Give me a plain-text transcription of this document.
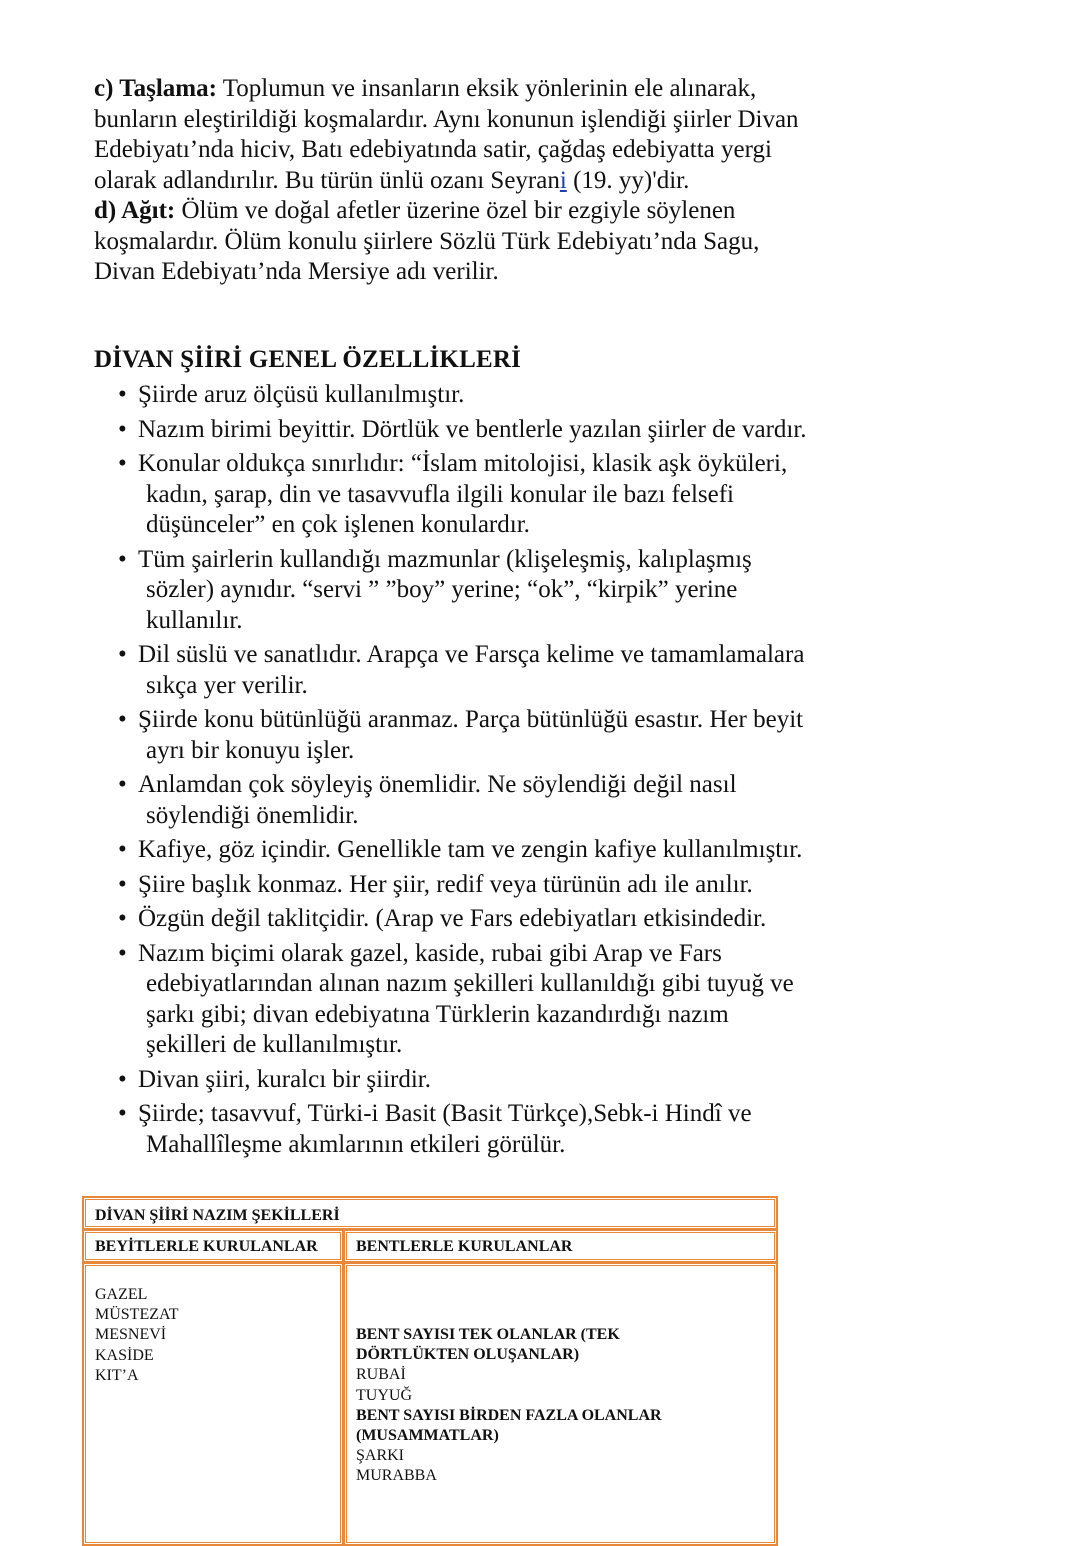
c) Taşlama: Toplumun ve insanların eksik yönlerinin ele alınarak,
bunların eleştirildiği koşmalardır. Aynı konunun işlendiği şiirler Divan
Edebiyatı’nda hiciv, Batı edebiyatında satir, çağdaş edebiyatta yergi
olarak adlandırılır. Bu türün ünlü ozanı Seyrani (19. yy)'dir.
d) Ağıt: Ölüm ve doğal afetler üzerine özel bir ezgiyle söylenen
koşmalardır. Ölüm konulu şiirlere Sözlü Türk Edebiyatı’nda Sagu,
Divan Edebiyatı’nda Mersiye adı verilir.
DİVAN ŞİİRİ GENEL ÖZELLİKLERİ
• Şiirde aruz ölçüsü kullanılmıştır.
• Nazım birimi beyittir. Dörtlük ve bentlerle yazılan şiirler de vardır.
• Konular oldukça sınırlıdır: “İslam mitolojisi, klasik aşk öyküleri,
kadın, şarap, din ve tasavvufla ilgili konular ile bazı felsefi
düşünceler” en çok işlenen konulardır.
• Tüm şairlerin kullandığı mazmunlar (klişeleşmiş, kalıplaşmış
sözler) aynıdır. “servi ” ”boy” yerine; “ok”, “kirpik” yerine
kullanılır.
• Dil süslü ve sanatlıdır. Arapça ve Farsça kelime ve tamamlamalara
sıkça yer verilir.
• Şiirde konu bütünlüğü aranmaz. Parça bütünlüğü esastır. Her beyit
ayrı bir konuyu işler.
• Anlamdan çok söyleyiş önemlidir. Ne söylendiği değil nasıl
söylendiği önemlidir.
• Kafiye, göz içindir. Genellikle tam ve zengin kafiye kullanılmıştır.
• Şiire başlık konmaz. Her şiir, redif veya türünün adı ile anılır.
• Özgün değil taklitçidir. (Arap ve Fars edebiyatları etkisindedir.
• Nazım biçimi olarak gazel, kaside, rubai gibi Arap ve Fars
edebiyatlarından alınan nazım şekilleri kullanıldığı gibi tuyuğ ve
şarkı gibi; divan edebiyatına Türklerin kazandırdığı nazım
şekilleri de kullanılmıştır.
• Divan şiiri, kuralcı bir şiirdir.
• Şiirde; tasavvuf, Türki-i Basit (Basit Türkçe),Sebk-i Hindî ve
Mahallîleşme akımlarının etkileri görülür.
DİVAN ŞİİRİ NAZIM ŞEKİLLERİ
BEYİTLERLE KURULANLAR BENTLERLE KURULANLAR
GAZEL
MÜSTEZAT
MESNEVİ
KASİDE
KIT’A
BENT SAYISI TEK OLANLAR (TEK
DÖRTLÜKTEN OLUŞANLAR)
RUBAİ
TUYUĞ
BENT SAYISI BİRDEN FAZLA OLANLAR
(MUSAMMATLAR)
ŞARKI
MURABBA
